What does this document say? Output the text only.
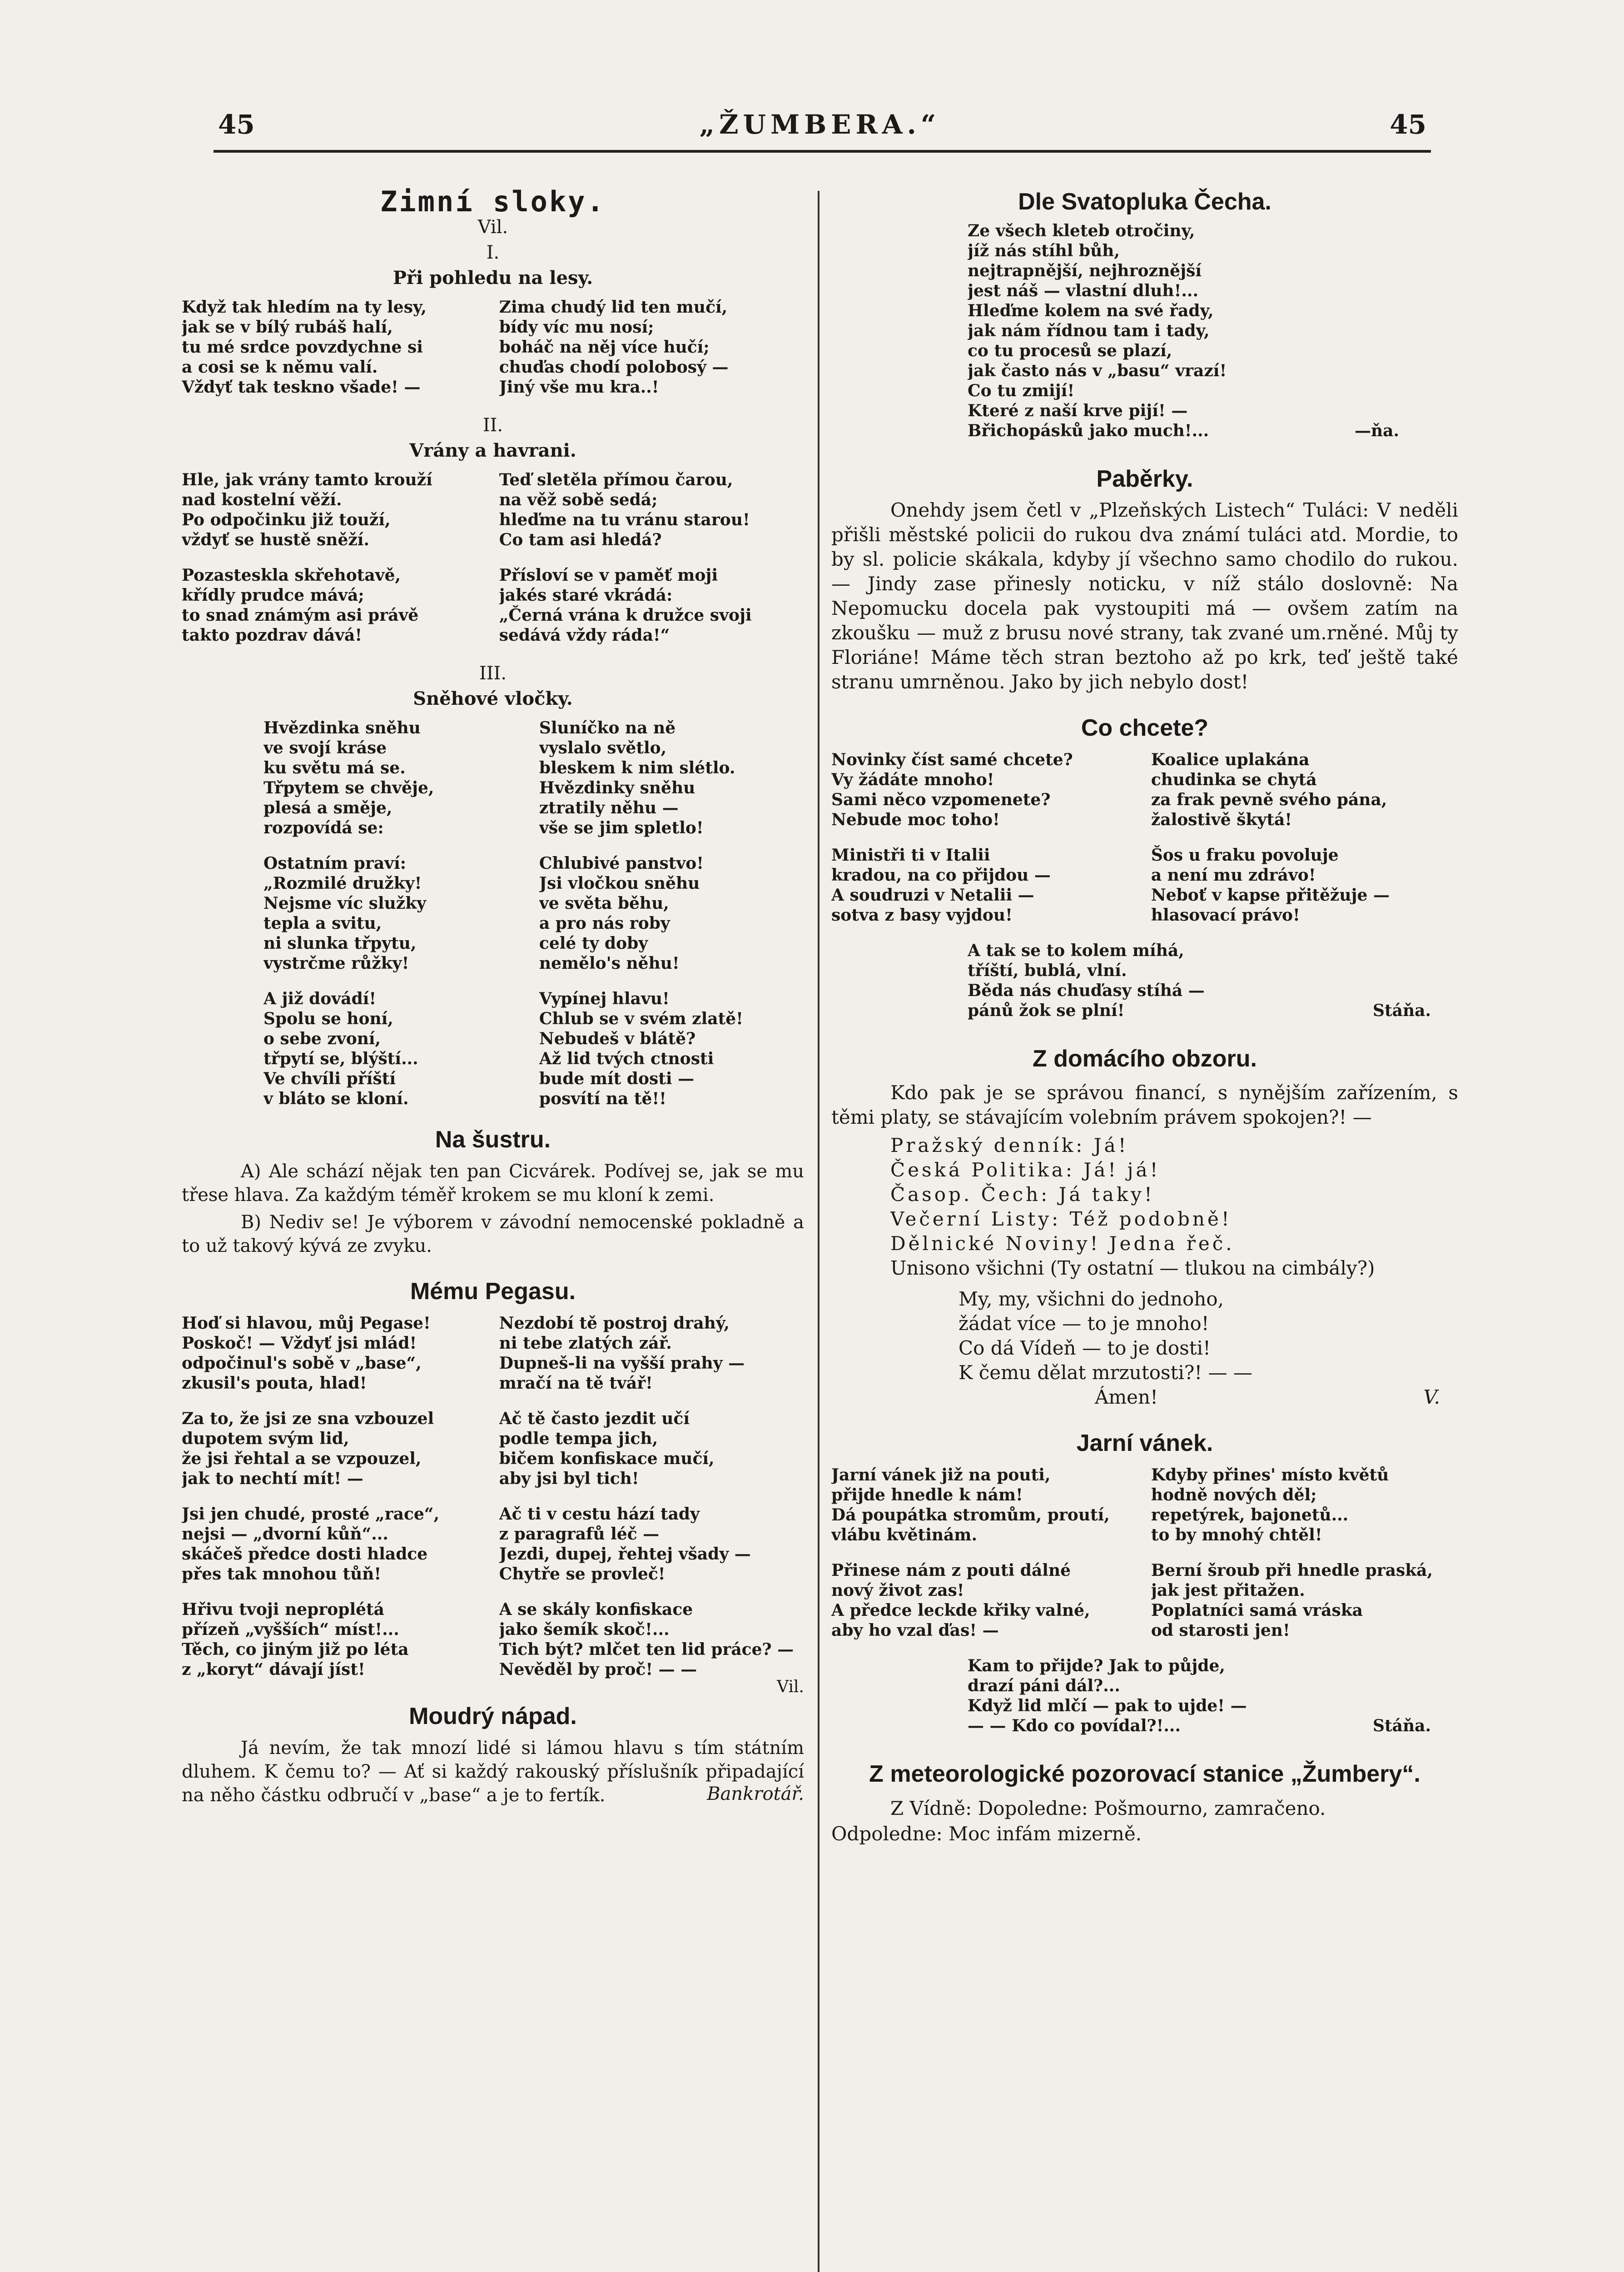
45	„ŽUMBERA.“	45
Zimní sloky.
Vil.
I.
Při pohledu na lesy.
Když tak hledím na ty lesy,
jak se v bílý rubáš halí,
tu mé srdce povzdychne si
a cosi se k němu valí.
Vždyť tak teskno všade! —
Zima chudý lid ten mučí,
bídy víc mu nosí;
boháč na něj více hučí;
chuďas chodí polobosý —
Jiný vše mu kra..!
II.
Vrány a havrani.
Hle, jak vrány tamto krouží
nad kostelní věží.
Po odpočinku již touží,
vždyť se hustě sněží.
Teď sletěla přímou čarou,
na věž sobě sedá;
hleďme na tu vránu starou!
Co tam asi hledá?
Pozasteskla skřehotavě,
křídly prudce mává;
to snad známým asi právě
takto pozdrav dává!
Přísloví se v paměť moji
jakés staré vkrádá:
„Černá vrána k družce svoji
sedává vždy ráda!“
III.
Sněhové vločky.
Hvězdinka sněhu
ve svojí kráse
ku světu má se.
Třpytem se chvěje,
plesá a směje,
rozpovídá se:
Sluníčko na ně
vyslalo světlo,
bleskem k nim slétlo.
Hvězdinky sněhu
ztratily něhu —
vše se jim spletlo!
Ostatním praví:
„Rozmilé družky!
Nejsme víc služky
tepla a svitu,
ni slunka třpytu,
vystrčme růžky!
Chlubivé panstvo!
Jsi vločkou sněhu
ve světa běhu,
a pro nás roby
celé ty doby
nemělo's něhu!
A již dovádí!
Spolu se honí,
o sebe zvoní,
třpytí se, blýští...
Ve chvíli příští
v bláto se kloní.
Vypínej hlavu!
Chlub se v svém zlatě!
Nebudeš v blátě?
Až lid tvých ctnosti
bude mít dosti —
posvítí na tě!!
Na šustru.

A) Ale schází nějak ten pan Cicvárek. Podívej se, jak se mu třese hlava. Za každým téměř krokem se mu kloní k zemi.

B) Nediv se! Je výborem v závodní nemocenské pokladně a to už takový kývá ze zvyku.

Mému Pegasu.
Hoď si hlavou, můj Pegase!
Poskoč! — Vždyť jsi mlád!
odpočinul's sobě v „base“,
zkusil's pouta, hlad!
Nezdobí tě postroj drahý,
ni tebe zlatých zář.
Dupneš-li na vyšší prahy —
mračí na tě tvář!
Za to, že jsi ze sna vzbouzel
dupotem svým lid,
že jsi řehtal a se vzpouzel,
jak to nechtí mít! —
Ač tě často jezdit učí
podle tempa jich,
bičem konfiskace mučí,
aby jsi byl tich!
Jsi jen chudé, prosté „race“,
nejsi — „dvorní kůň“...
skáčeš předce dosti hladce
přes tak mnohou tůň!
Ač ti v cestu hází tady
z paragrafů léč —
Jezdi, dupej, řehtej všady —
Chytře se provleč!
Hřivu tvoji neproplétá
přízeň „vyšších“ míst!...
Těch, co jiným již po léta
z „koryt“ dávají jíst!
A se skály konfiskace
jako šemík skoč!...
Tich být? mlčet ten lid práce? —
Nevěděl by proč! — —
Vil.
Moudrý nápad.

Já nevím, že tak mnozí lidé si lámou hlavu s tím státním dluhem. K čemu to? — Ať si každý rakouský příslušník připadající na něho částku odbručí v „base“ a je to fertík.	Bankrotář.
Dle Svatopluka Čecha.
Ze všech kleteb otročiny,
jíž nás stíhl bůh,
nejtrapnější, nejhroznější
jest náš — vlastní dluh!...
Hleďme kolem na své řady,
jak nám řídnou tam i tady,
co tu procesů se plazí,
jak často nás v „basu“ vrazí!
Co tu zmijí!
Které z naší krve pijí! —
Břichopásků jako much!...	—ňa.
Paběrky.

Onehdy jsem četl v „Plzeňských Listech“ Tuláci: V neděli přišli městské policii do rukou dva známí tuláci atd. Mordie, to by sl. policie skákala, kdyby jí všechno samo chodilo do rukou. — Jindy zase přinesly noticku, v níž stálo doslovně: Na Nepomucku docela pak vystoupiti má — ovšem zatím na zkoušku — muž z brusu nové strany, tak zvané um.rněné. Můj ty Floriáne! Máme těch stran beztoho až po krk, teď ještě také stranu umrněnou. Jako by jich nebylo dost!

Co chcete?
Novinky číst samé chcete?
Vy žádáte mnoho!
Sami něco vzpomenete?
Nebude moc toho!
Koalice uplakána
chudinka se chytá
za frak pevně svého pána,
žalostivě škytá!
Ministři ti v Italii
kradou, na co přijdou —
A soudruzi v Netalii —
sotva z basy vyjdou!
Šos u fraku povoluje
a není mu zdrávo!
Neboť v kapse přitěžuje —
hlasovací právo!
A tak se to kolem míhá,
tříští, bublá, vlní.
Běda nás chuďasy stíhá —
pánů žok se plní!	Stáňa.
Z domácího obzoru.

Kdo pak je se správou financí, s nynějším zařízením, s těmi platy, se stávajícím volebním právem spokojen?! —

Pražský denník: Já!
Česká Politika: Já! já!
Časop. Čech: Já taky!
Večerní Listy: Též podobně!
Dělnické Noviny! Jedna řeč.
Unisono všichni (Ty ostatní — tlukou na cimbály?)
My, my, všichni do jednoho,
žádat více — to je mnoho!
Co dá Vídeň — to je dosti!
K čemu dělat mrzutosti?! — —
Ámen!	V.
Jarní vánek.
Jarní vánek již na pouti,
přijde hnedle k nám!
Dá poupátka stromům, proutí,
vlábu květinám.
Kdyby přines' místo květů
hodně nových děl;
repetýrek, bajonetů...
to by mnohý chtěl!
Přinese nám z pouti dálné
nový život zas!
A předce leckde křiky valné,
aby ho vzal ďas! —
Berní šroub při hnedle praská,
jak jest přitažen.
Poplatníci samá vráska
od starosti jen!
Kam to přijde? Jak to půjde,
drazí páni dál?...
Když lid mlčí — pak to ujde! —
— — Kdo co povídal?!...	Stáňa.
Z meteorologické pozorovací stanice „Žumbery“.
Z Vídně: Dopoledne: Pošmourno, zamračeno.
Odpoledne: Moc infám mizerně.
